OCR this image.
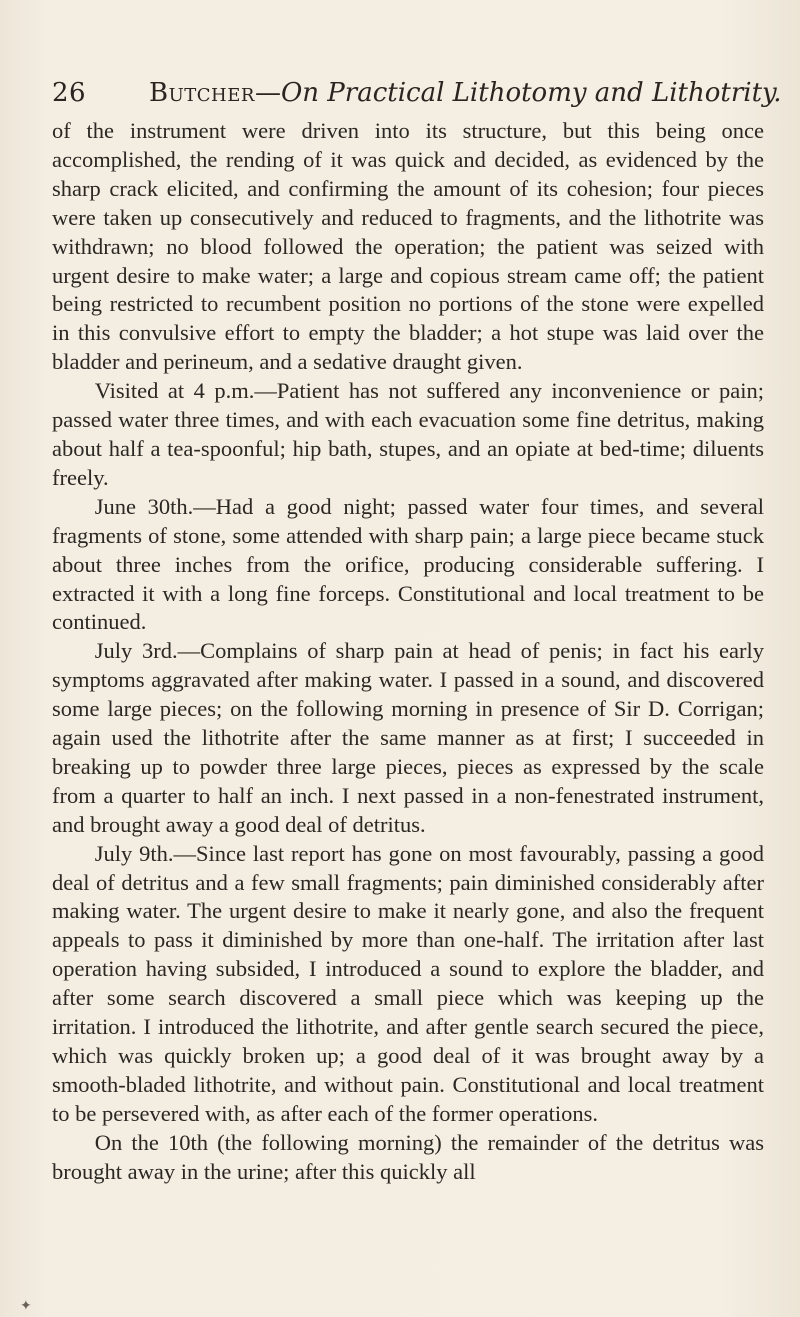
26 Butcher—On Practical Lithotomy and Lithotrity.

of the instrument were driven into its structure, but this being once accomplished, the rending of it was quick and decided, as evidenced by the sharp crack elicited, and confirming the amount of its cohesion; four pieces were taken up consecutively and reduced to fragments, and the lithotrite was withdrawn; no blood followed the operation; the patient was seized with urgent desire to make water; a large and copious stream came off; the patient being restricted to recumbent position no portions of the stone were expelled in this convulsive effort to empty the bladder; a hot stupe was laid over the bladder and perineum, and a sedative draught given.

Visited at 4 p.m.—Patient has not suffered any inconvenience or pain; passed water three times, and with each evacuation some fine detritus, making about half a tea-spoonful; hip bath, stupes, and an opiate at bed-time; diluents freely.

June 30th.—Had a good night; passed water four times, and several fragments of stone, some attended with sharp pain; a large piece became stuck about three inches from the orifice, producing considerable suffering. I extracted it with a long fine forceps. Constitutional and local treatment to be continued.

July 3rd.—Complains of sharp pain at head of penis; in fact his early symptoms aggravated after making water. I passed in a sound, and discovered some large pieces; on the following morning in presence of Sir D. Corrigan; again used the lithotrite after the same manner as at first; I succeeded in breaking up to powder three large pieces, pieces as expressed by the scale from a quarter to half an inch. I next passed in a non-fenestrated instrument, and brought away a good deal of detritus.

July 9th.—Since last report has gone on most favourably, passing a good deal of detritus and a few small fragments; pain diminished considerably after making water. The urgent desire to make it nearly gone, and also the frequent appeals to pass it diminished by more than one-half. The irritation after last operation having subsided, I introduced a sound to explore the bladder, and after some search discovered a small piece which was keeping up the irritation. I introduced the lithotrite, and after gentle search secured the piece, which was quickly broken up; a good deal of it was brought away by a smooth-bladed lithotrite, and without pain. Constitutional and local treatment to be persevered with, as after each of the former operations.

On the 10th (the following morning) the remainder of the detritus was brought away in the urine; after this quickly all

✦
